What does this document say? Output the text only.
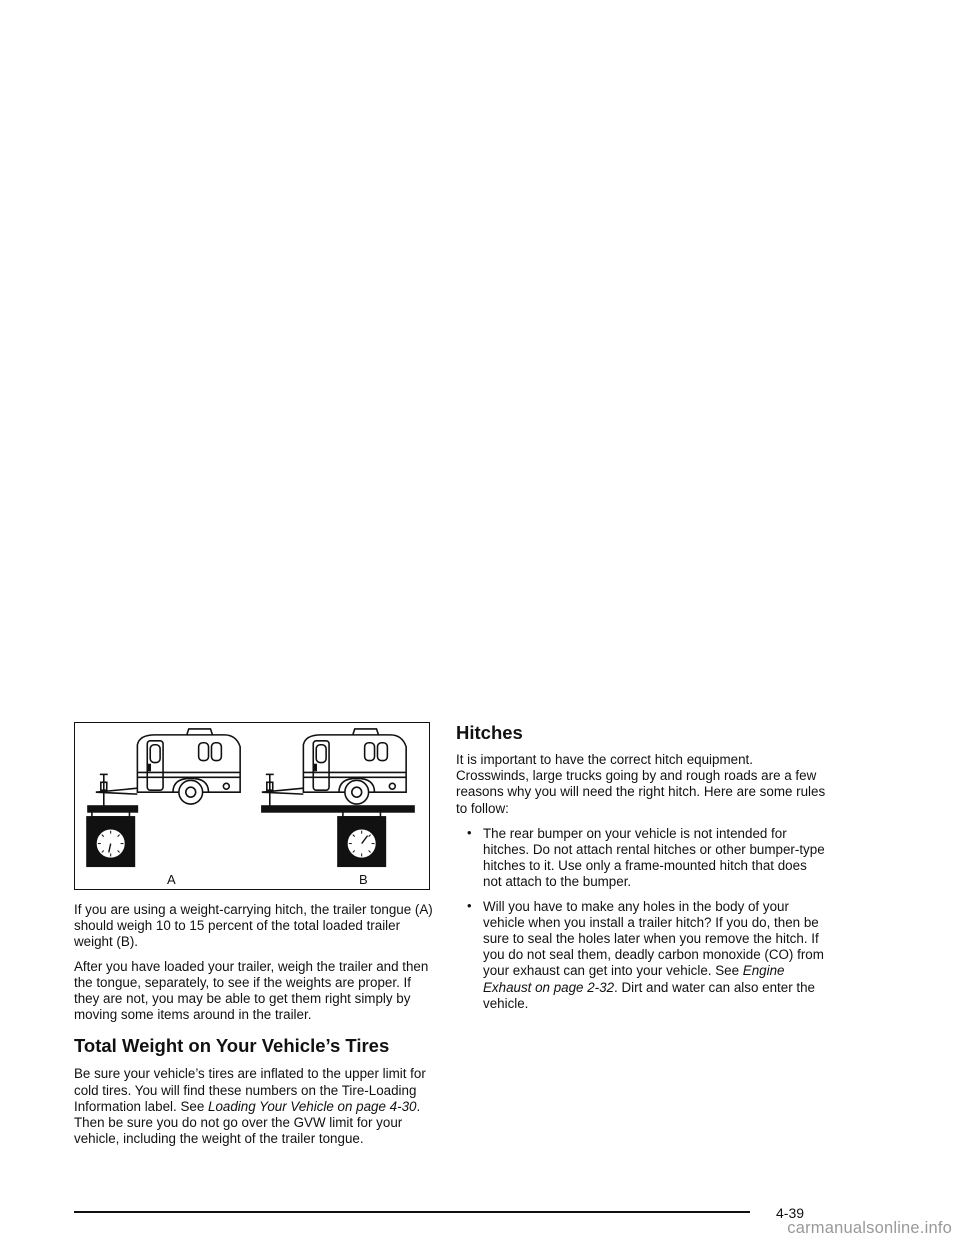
A	B

If you are using a weight-carrying hitch, the trailer tongue (A) should weigh 10 to 15 percent of the total loaded trailer weight (B).

After you have loaded your trailer, weigh the trailer and then the tongue, separately, to see if the weights are proper. If they are not, you may be able to get them right simply by moving some items around in the trailer.

Total Weight on Your Vehicle’s Tires

Be sure your vehicle’s tires are inflated to the upper limit for cold tires. You will find these numbers on the Tire-Loading Information label. See Loading Your Vehicle on page 4-30. Then be sure you do not go over the GVW limit for your vehicle, including the weight of the trailer tongue.

Hitches

It is important to have the correct hitch equipment. Crosswinds, large trucks going by and rough roads are a few reasons why you will need the right hitch. Here are some rules to follow:

• The rear bumper on your vehicle is not intended for hitches. Do not attach rental hitches or other bumper-type hitches to it. Use only a frame-mounted hitch that does not attach to the bumper.

• Will you have to make any holes in the body of your vehicle when you install a trailer hitch? If you do, then be sure to seal the holes later when you remove the hitch. If you do not seal them, deadly carbon monoxide (CO) from your exhaust can get into your vehicle. See Engine Exhaust on page 2-32. Dirt and water can also enter the vehicle.

4-39
carmanualsonline.info
